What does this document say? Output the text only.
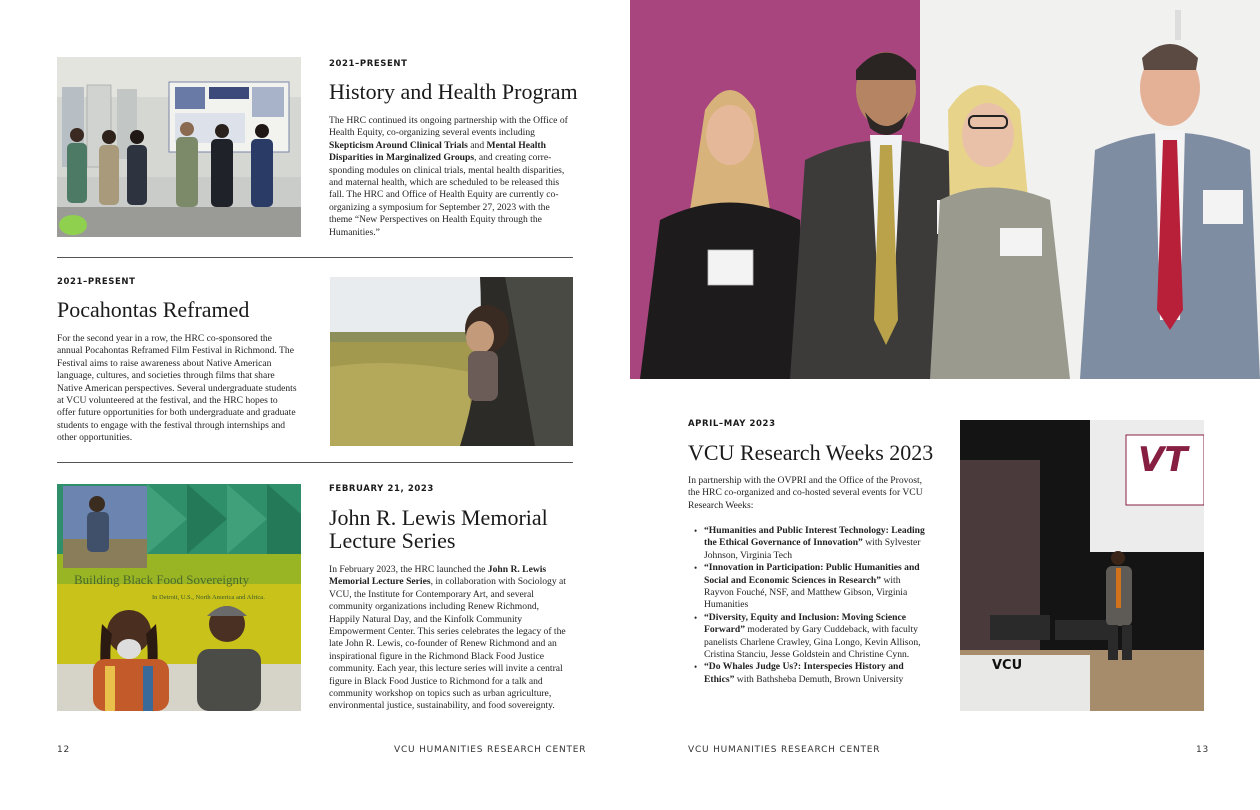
2021–PRESENT
History and Health Program
The HRC continued its ongoing partnership with the Office of Health Equity, co-organizing several events including Skepticism Around Clinical Trials and Mental Health Disparities in Marginalized Groups, and creating corresponding modules on clinical trials, mental health disparities, and maternal health, which are scheduled to be released this fall. The HRC and Office of Health Equity are currently co-organizing a symposium for September 27, 2023 with the theme “New Perspectives on Health Equity through the Humanities.”
2021–PRESENT
Pocahontas Reframed
For the second year in a row, the HRC co-sponsored the annual Pocahontas Reframed Film Festival in Richmond. The Festival aims to raise awareness about Native American language, cultures, and societies through films that share Native American perspectives. Several undergraduate students at VCU volunteered at the festival, and the HRC hopes to offer future opportunities for both undergraduate and graduate students to engage with the festival through internships and other opportunities.
Building Black Food Sovereignty
In Detroit, U.S., North America and Africa.
FEBRUARY 21, 2023
John R. Lewis Memorial
Lecture Series
In February 2023, the HRC launched the John R. Lewis Memorial Lecture Series, in collaboration with Sociology at VCU, the Institute for Contemporary Art, and several community organizations including Renew Richmond, Happily Natural Day, and the Kinfolk Community Empowerment Center. This series celebrates the legacy of the late John R. Lewis, co-founder of Renew Richmond and an inspirational figure in the Richmond Black Food Justice community. Each year, this lecture series will invite a central figure in Black Food Justice to Richmond for a talk and community workshop on topics such as urban agriculture, environmental justice, sustainability, and food sovereignty.
12	VCU HUMANITIES RESEARCH CENTER
APRIL–MAY 2023
VCU Research Weeks 2023
In partnership with the OVPRI and the Office of the Provost, the HRC co-organized and co-hosted several events for VCU Research Weeks:
• “Humanities and Public Interest Technology: Leading the Ethical Governance of Innovation” with Sylvester Johnson, Virginia Tech
• “Innovation in Participation: Public Humanities and Social and Economic Sciences in Research” with Rayvon Fouché, NSF, and Matthew Gibson, Virginia Humanities
• “Diversity, Equity and Inclusion: Moving Science Forward” moderated by Gary Cuddeback, with faculty panelists Charlene Crawley, Gina Longo, Kevin Allison, Cristina Stanciu, Jesse Goldstein and Christine Cynn.
• “Do Whales Judge Us?: Interspecies History and Ethics” with Bathsheba Demuth, Brown University
VT
VCU
VCU HUMANITIES RESEARCH CENTER	13
